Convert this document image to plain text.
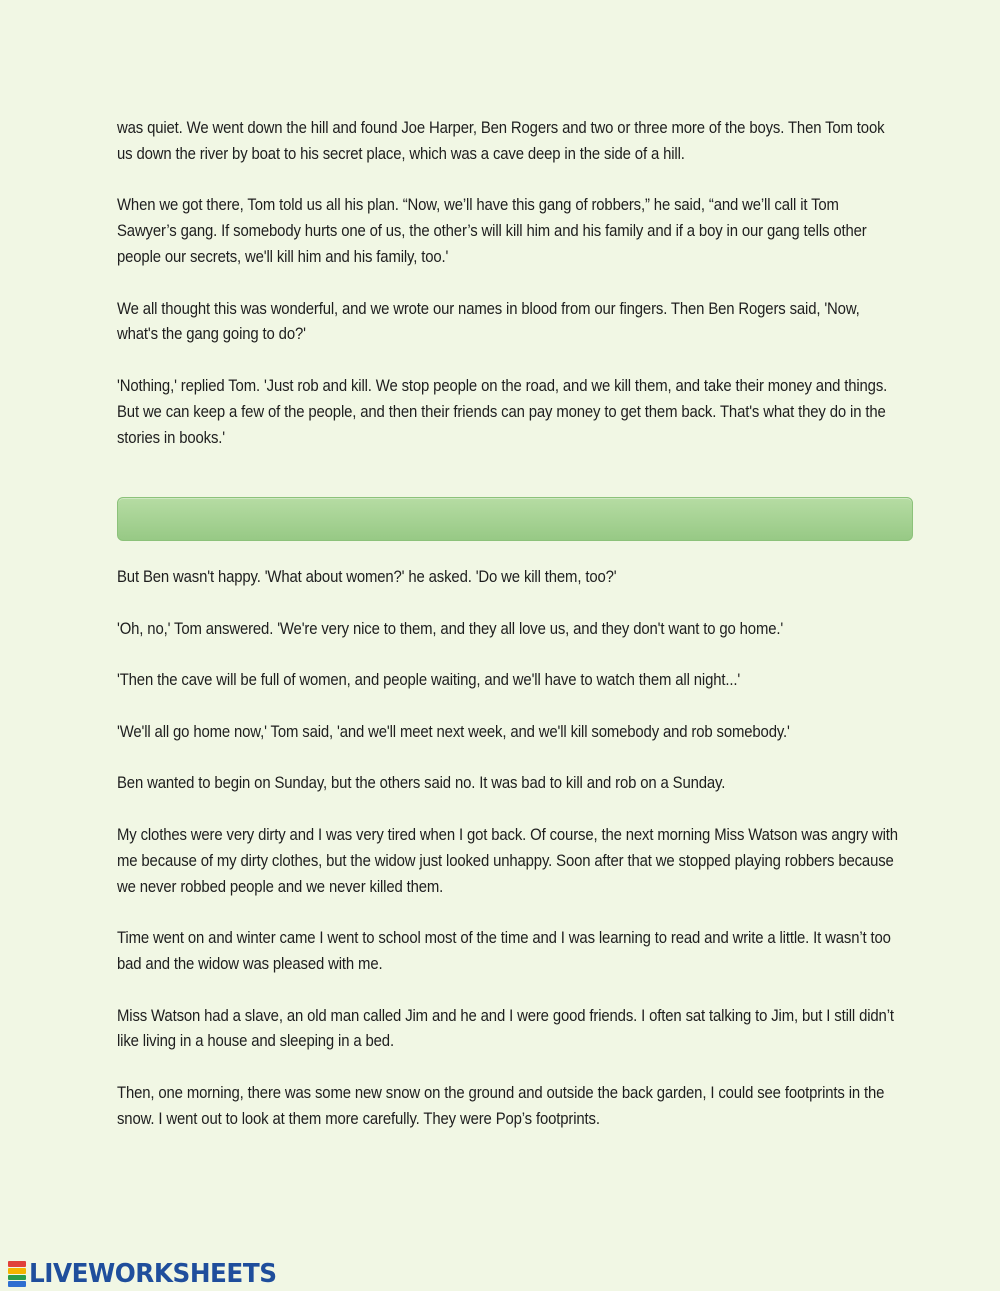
was quiet. We went down the hill and found Joe Harper, Ben Rogers and two or three more of the boys. Then Tom took us down the river by boat to his secret place, which was a cave deep in the side of a hill.

When we got there, Tom told us all his plan. “Now, we’ll have this gang of robbers,” he said, “and we’ll call it Tom Sawyer’s gang. If somebody hurts one of us, the other’s will kill him and his family and if a boy in our gang tells other people our secrets, we'll kill him and his family, too.'

We all thought this was wonderful, and we wrote our names in blood from our fingers. Then Ben Rogers said, 'Now, what's the gang going to do?'

'Nothing,' replied Tom. 'Just rob and kill. We stop people on the road, and we kill them, and take their money and things. But we can keep a few of the people, and then their friends can pay money to get them back. That's what they do in the stories in books.'

But Ben wasn't happy. 'What about women?' he asked. 'Do we kill them, too?'

'Oh, no,' Tom answered. 'We're very nice to them, and they all love us, and they don't want to go home.'

'Then the cave will be full of women, and people waiting, and we'll have to watch them all night...'

'We'll all go home now,' Tom said, 'and we'll meet next week, and we'll kill somebody and rob somebody.'

Ben wanted to begin on Sunday, but the others said no. It was bad to kill and rob on a Sunday.

My clothes were very dirty and I was very tired when I got back. Of course, the next morning Miss Watson was angry with me because of my dirty clothes, but the widow just looked unhappy. Soon after that we stopped playing robbers because we never robbed people and we never killed them.

Time went on and winter came I went to school most of the time and I was learning to read and write a little. It wasn’t too bad and the widow was pleased with me.

Miss Watson had a slave, an old man called Jim and he and I were good friends. I often sat talking to Jim, but I still didn’t like living in a house and sleeping in a bed.

Then, one morning, there was some new snow on the ground and outside the back garden, I could see footprints in the snow. I went out to look at them more carefully. They were Pop’s footprints.

LIVEWORKSHEETS
